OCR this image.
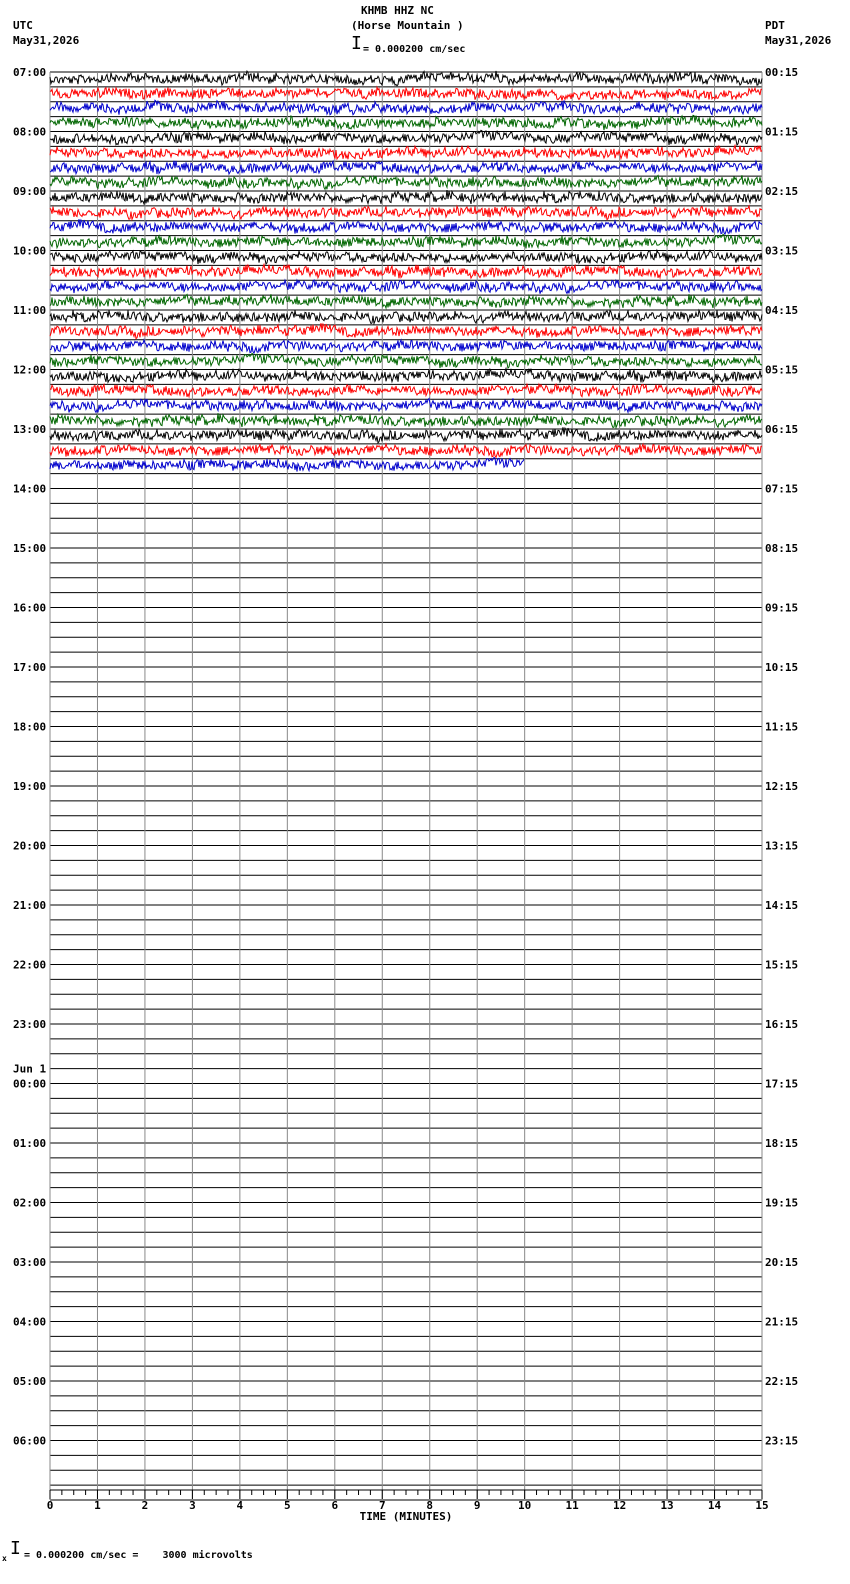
07:00
08:00
09:00
10:00
11:00
12:00
13:00
14:00
15:00
16:00
17:00
18:00
19:00
20:00
21:00
22:00
23:00
00:00
01:00
02:00
03:00
04:00
05:00
06:00
Jun 1
00:15
01:15
02:15
03:15
04:15
05:15
06:15
07:15
08:15
09:15
10:15
11:15
12:15
13:15
14:15
15:15
16:15
17:15
18:15
19:15
20:15
21:15
22:15
23:15
0	1	2	3	4	5	6	7	8	9	10	11	12	13	14	15
TIME (MINUTES)
KHMB HHZ NC
(Horse Mountain )
I = 0.000200 cm/sec
UTC
May31,2026
PDT
May31,2026
x I = 0.000200 cm/sec =    3000 microvolts
